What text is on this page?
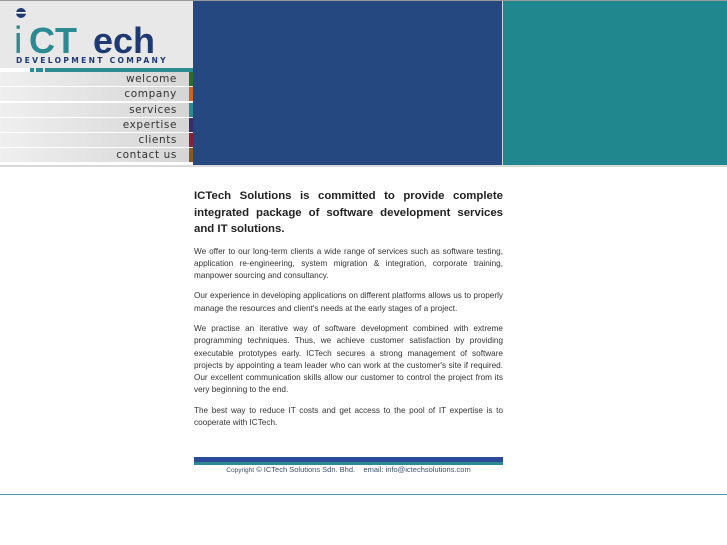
i CT ech
DEVELOPMENT COMPANY
welcome
company
services
expertise
clients
contact us

ICTech Solutions is committed to provide complete integrated package of software development services and IT solutions.

We offer to our long-term clients a wide range of services such as software testing, application re-engineering, system migration & integration, corporate training, manpower sourcing and consultancy.

Our experience in developing applications on different platforms allows us to properly manage the resources and client's needs at the early stages of a project.

We practise an iterative way of software development combined with extreme programming techniques. Thus, we achieve customer satisfaction by providing executable prototypes early. ICTech secures a strong management of software projects by appointing a team leader who can work at the customer's site if required. Our excellent communication skills allow our customer to control the project from its very beginning to the end.

The best way to reduce IT costs and get access to the pool of IT expertise is to cooperate with ICTech.

Copyright © ICTech Solutions Sdn. Bhd. email: info@ictechsolutions.com
